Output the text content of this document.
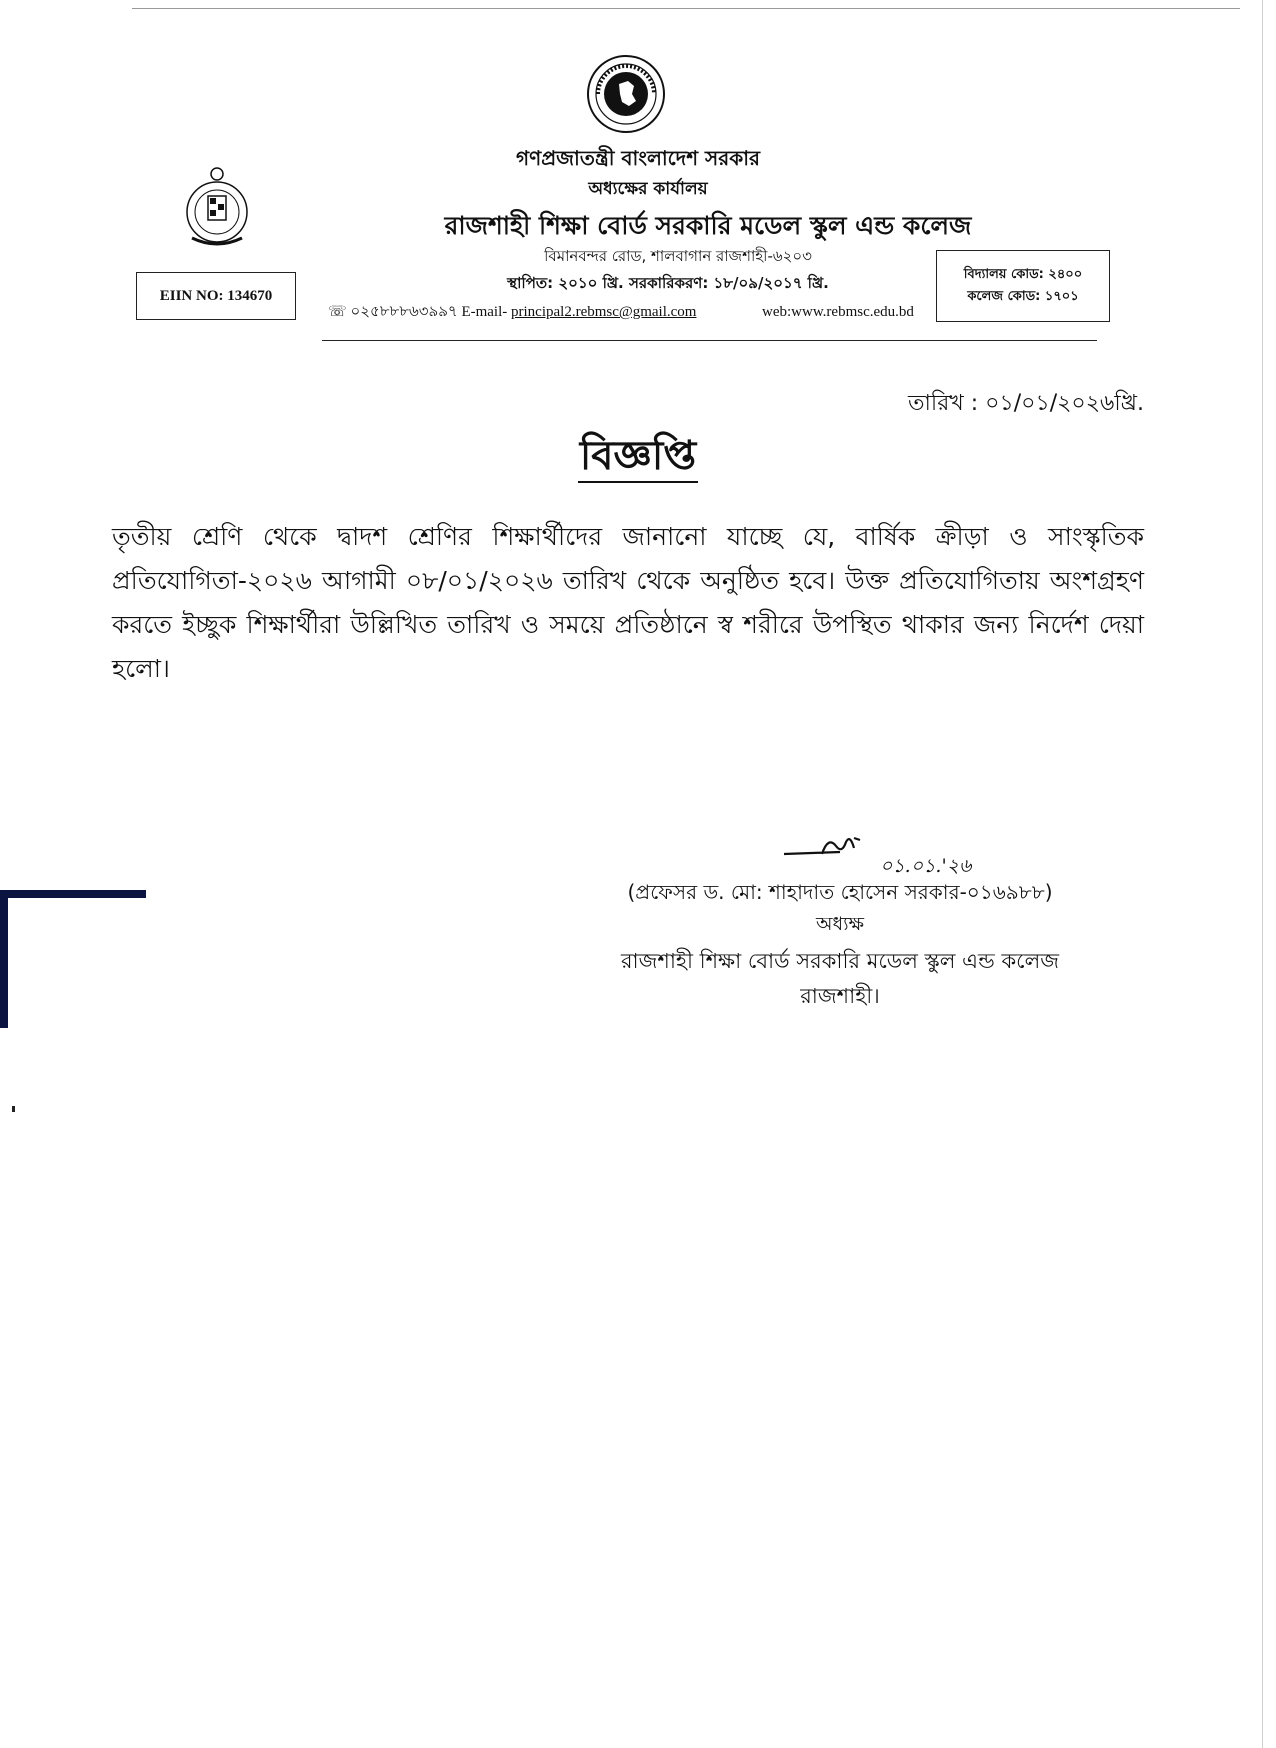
গণপ্রজাতন্ত্রী বাংলাদেশ সরকার
অধ্যক্ষের কার্যালয়
রাজশাহী শিক্ষা বোর্ড সরকারি মডেল স্কুল এন্ড কলেজ
বিমানবন্দর রোড, শালবাগান রাজশাহী-৬২০৩
স্থাপিত: ২০১০ খ্রি. সরকারিকরণ: ১৮/০৯/২০১৭ খ্রি.
☏ ০২৫৮৮৮৬৩৯৯৭ E-mail- principal2.rebmsc@gmail.com	web:www.rebmsc.edu.bd
EIIN NO: 134670
বিদ্যালয় কোড: ২৪০০
কলেজ কোড: ১৭০১
তারিখ : ০১/০১/২০২৬খ্রি.
বিজ্ঞপ্তি
তৃতীয় শ্রেণি থেকে দ্বাদশ শ্রেণির শিক্ষার্থীদের জানানো যাচ্ছে যে, বার্ষিক ক্রীড়া ও সাংস্কৃতিক প্রতিযোগিতা-২০২৬ আগামী ০৮/০১/২০২৬ তারিখ থেকে অনুষ্ঠিত হবে। উক্ত প্রতিযোগিতায় অংশগ্রহণ করতে ইচ্ছুক শিক্ষার্থীরা উল্লিখিত তারিখ ও সময়ে প্রতিষ্ঠানে স্ব শরীরে উপস্থিত থাকার জন্য নির্দেশ দেয়া হলো।
০১.০১.'২৬
(প্রফেসর ড. মো: শাহাদাত হোসেন সরকার-০১৬৯৮৮)
অধ্যক্ষ
রাজশাহী শিক্ষা বোর্ড সরকারি মডেল স্কুল এন্ড কলেজ
রাজশাহী।
